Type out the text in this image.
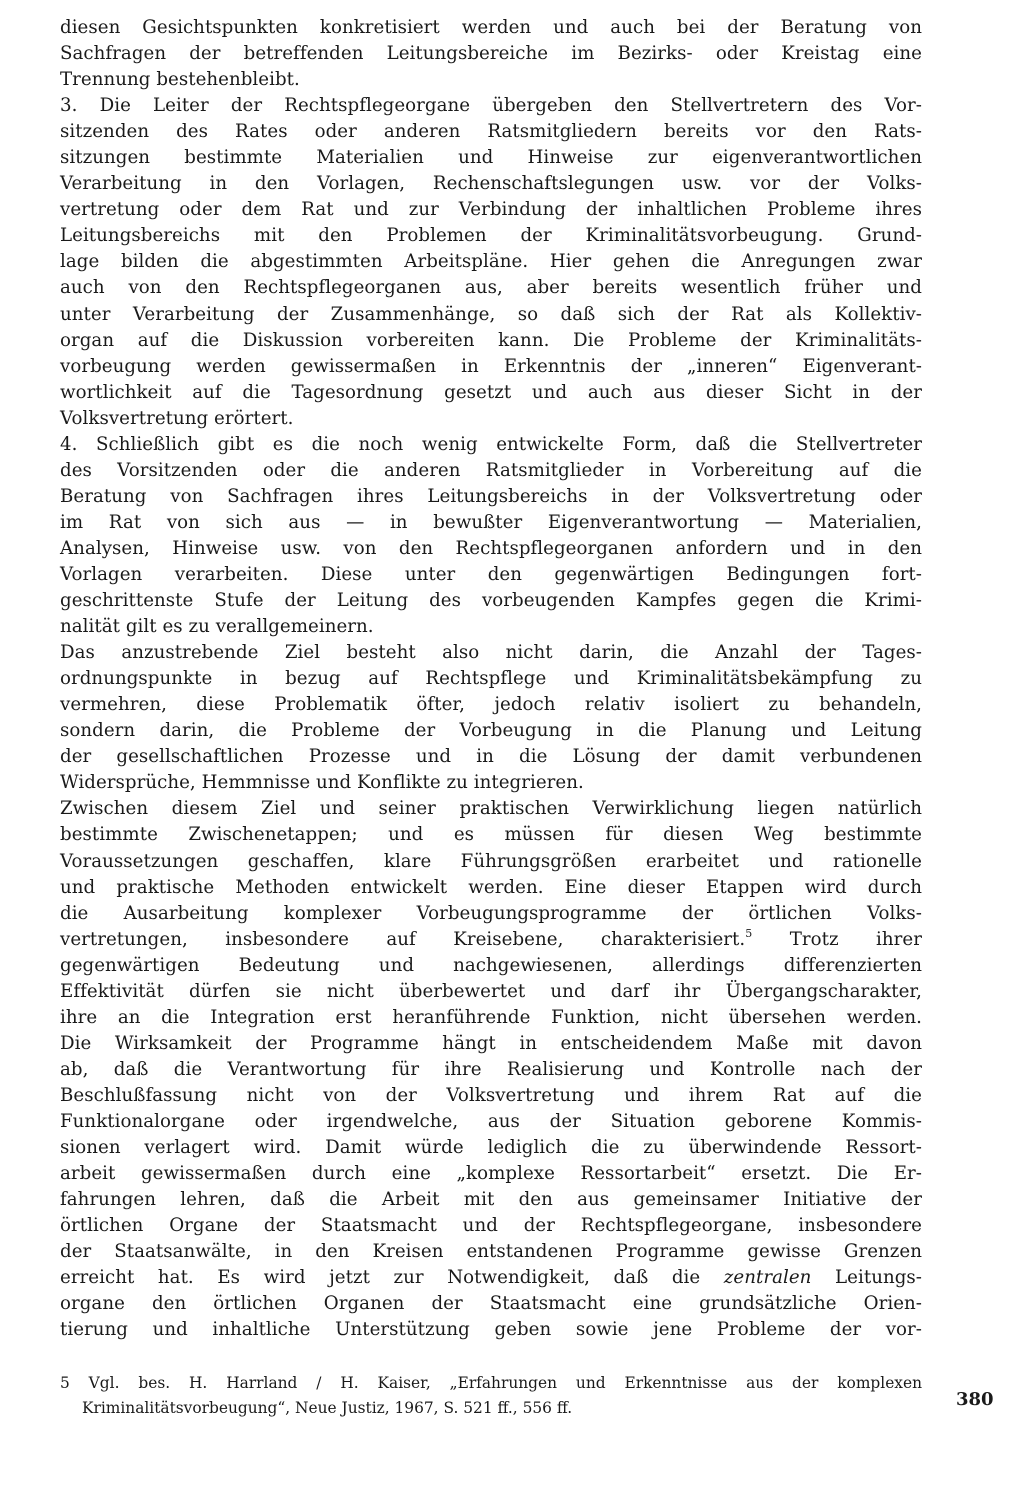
diesen Gesichtspunkten konkretisiert werden und auch bei der Beratung von
Sachfragen der betreffenden Leitungsbereiche im Bezirks- oder Kreistag eine
Trennung bestehenbleibt.
3. Die Leiter der Rechtspflegeorgane übergeben den Stellvertretern des Vor-
sitzenden des Rates oder anderen Ratsmitgliedern bereits vor den Rats-
sitzungen bestimmte Materialien und Hinweise zur eigenverantwortlichen
Verarbeitung in den Vorlagen, Rechenschaftslegungen usw. vor der Volks-
vertretung oder dem Rat und zur Verbindung der inhaltlichen Probleme ihres
Leitungsbereichs mit den Problemen der Kriminalitätsvorbeugung. Grund-
lage bilden die abgestimmten Arbeitspläne. Hier gehen die Anregungen zwar
auch von den Rechtspflegeorganen aus, aber bereits wesentlich früher und
unter Verarbeitung der Zusammenhänge, so daß sich der Rat als Kollektiv-
organ auf die Diskussion vorbereiten kann. Die Probleme der Kriminalitäts-
vorbeugung werden gewissermaßen in Erkenntnis der „inneren“ Eigenverant-
wortlichkeit auf die Tagesordnung gesetzt und auch aus dieser Sicht in der
Volksvertretung erörtert.
4. Schließlich gibt es die noch wenig entwickelte Form, daß die Stellvertreter
des Vorsitzenden oder die anderen Ratsmitglieder in Vorbereitung auf die
Beratung von Sachfragen ihres Leitungsbereichs in der Volksvertretung oder
im Rat von sich aus — in bewußter Eigenverantwortung — Materialien,
Analysen, Hinweise usw. von den Rechtspflegeorganen anfordern und in den
Vorlagen verarbeiten. Diese unter den gegenwärtigen Bedingungen fort-
geschrittenste Stufe der Leitung des vorbeugenden Kampfes gegen die Krimi-
nalität gilt es zu verallgemeinern.
Das anzustrebende Ziel besteht also nicht darin, die Anzahl der Tages-
ordnungspunkte in bezug auf Rechtspflege und Kriminalitätsbekämpfung zu
vermehren, diese Problematik öfter, jedoch relativ isoliert zu behandeln,
sondern darin, die Probleme der Vorbeugung in die Planung und Leitung
der gesellschaftlichen Prozesse und in die Lösung der damit verbundenen
Widersprüche, Hemmnisse und Konflikte zu integrieren.
Zwischen diesem Ziel und seiner praktischen Verwirklichung liegen natürlich
bestimmte Zwischenetappen; und es müssen für diesen Weg bestimmte
Voraussetzungen geschaffen, klare Führungsgrößen erarbeitet und rationelle
und praktische Methoden entwickelt werden. Eine dieser Etappen wird durch
die Ausarbeitung komplexer Vorbeugungsprogramme der örtlichen Volks-
vertretungen, insbesondere auf Kreisebene, charakterisiert.$^5$ Trotz ihrer
gegenwärtigen Bedeutung und nachgewiesenen, allerdings differenzierten
Effektivität dürfen sie nicht überbewertet und darf ihr Übergangscharakter,
ihre an die Integration erst heranführende Funktion, nicht übersehen werden.
Die Wirksamkeit der Programme hängt in entscheidendem Maße mit davon
ab, daß die Verantwortung für ihre Realisierung und Kontrolle nach der
Beschlußfassung nicht von der Volksvertretung und ihrem Rat auf die
Funktionalorgane oder irgendwelche, aus der Situation geborene Kommis-
sionen verlagert wird. Damit würde lediglich die zu überwindende Ressort-
arbeit gewissermaßen durch eine „komplexe Ressortarbeit“ ersetzt. Die Er-
fahrungen lehren, daß die Arbeit mit den aus gemeinsamer Initiative der
örtlichen Organe der Staatsmacht und der Rechtspflegeorgane, insbesondere
der Staatsanwälte, in den Kreisen entstandenen Programme gewisse Grenzen
erreicht hat. Es wird jetzt zur Notwendigkeit, daß die zentralen Leitungs-
organe den örtlichen Organen der Staatsmacht eine grundsätzliche Orien-
tierung und inhaltliche Unterstützung geben sowie jene Probleme der vor-
5 Vgl. bes. H. Harrland / H. Kaiser, „Erfahrungen und Erkenntnisse aus der komplexen
Kriminalitätsvorbeugung“, Neue Justiz, 1967, S. 521 ff., 556 ff.	380
